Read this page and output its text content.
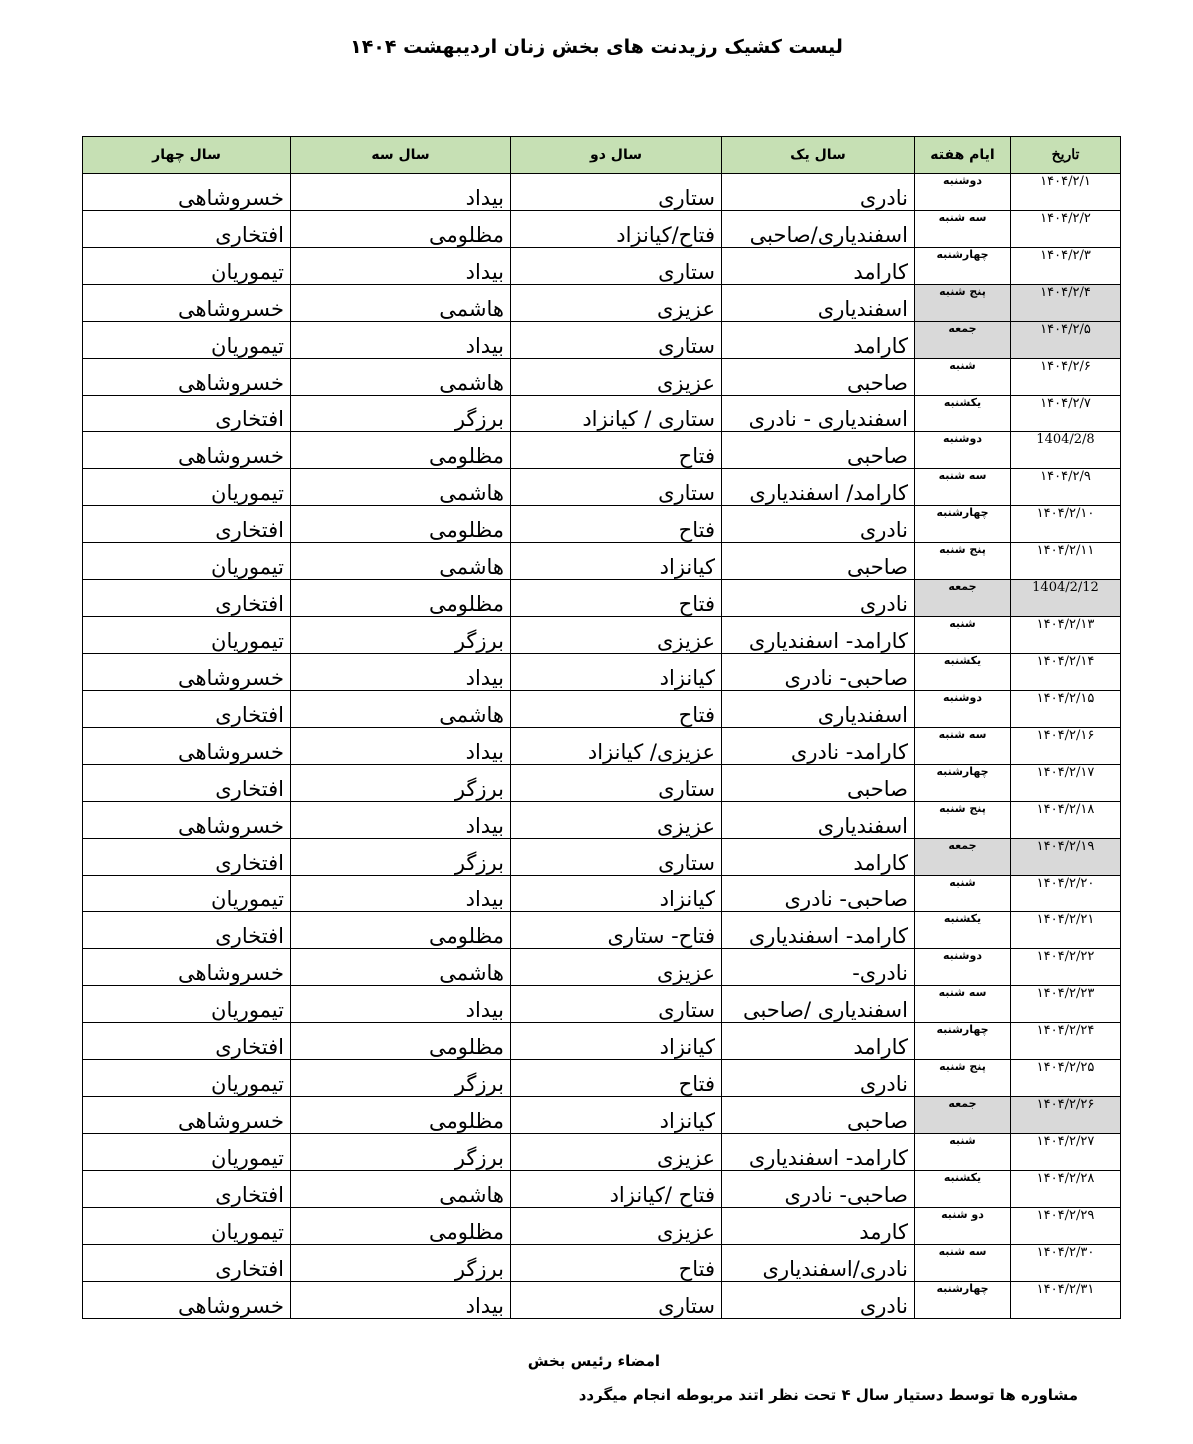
لیست کشیک رزیدنت های بخش زنان اردیبهشت ۱۴۰۴
تاریخ	ایام هفته	سال یک	سال دو	سال سه	سال چهار
۱۴۰۴/۲/۱	دوشنبه	نادری	ستاری	بیداد	خسروشاهی
۱۴۰۴/۲/۲	سه شنبه	اسفندیاری/صاحبی	فتاح/کیانزاد	مظلومی	افتخاری
۱۴۰۴/۲/۳	چهارشنبه	کارامد	ستاری	بیداد	تیموریان
۱۴۰۴/۲/۴	پنج شنبه	اسفندیاری	عزیزی	هاشمی	خسروشاهی
۱۴۰۴/۲/۵	جمعه	کارامد	ستاری	بیداد	تیموریان
۱۴۰۴/۲/۶	شنبه	صاحبی	عزیزی	هاشمی	خسروشاهی
۱۴۰۴/۲/۷	یکشنبه	اسفندیاری - نادری	ستاری / کیانزاد	برزگر	افتخاری
1404/2/8	دوشنبه	صاحبی	فتاح	مظلومی	خسروشاهی
۱۴۰۴/۲/۹	سه شنبه	کارامد/ اسفندیاری	ستاری	هاشمی	تیموریان
۱۴۰۴/۲/۱۰	چهارشنبه	نادری	فتاح	مظلومی	افتخاری
۱۴۰۴/۲/۱۱	پنج شنبه	صاحبی	کیانزاد	هاشمی	تیموریان
1404/2/12	جمعه	نادری	فتاح	مظلومی	افتخاری
۱۴۰۴/۲/۱۳	شنبه	کارامد- اسفندیاری	عزیزی	برزگر	تیموریان
۱۴۰۴/۲/۱۴	یکشنبه	صاحبی- نادری	کیانزاد	بیداد	خسروشاهی
۱۴۰۴/۲/۱۵	دوشنبه	اسفندیاری	فتاح	هاشمی	افتخاری
۱۴۰۴/۲/۱۶	سه شنبه	کارامد- نادری	عزیزی/ کیانزاد	بیداد	خسروشاهی
۱۴۰۴/۲/۱۷	چهارشنبه	صاحبی	ستاری	برزگر	افتخاری
۱۴۰۴/۲/۱۸	پنج شنبه	اسفندیاری	عزیزی	بیداد	خسروشاهی
۱۴۰۴/۲/۱۹	جمعه	کارامد	ستاری	برزگر	افتخاری
۱۴۰۴/۲/۲۰	شنبه	صاحبی- نادری	کیانزاد	بیداد	تیموریان
۱۴۰۴/۲/۲۱	یکشنبه	کارامد- اسفندیاری	فتاح- ستاری	مظلومی	افتخاری
۱۴۰۴/۲/۲۲	دوشنبه	نادری-	عزیزی	هاشمی	خسروشاهی
۱۴۰۴/۲/۲۳	سه شنبه	اسفندیاری /صاحبی	ستاری	بیداد	تیموریان
۱۴۰۴/۲/۲۴	چهارشنبه	کارامد	کیانزاد	مظلومی	افتخاری
۱۴۰۴/۲/۲۵	پنج شنبه	نادری	فتاح	برزگر	تیموریان
۱۴۰۴/۲/۲۶	جمعه	صاحبی	کیانزاد	مظلومی	خسروشاهی
۱۴۰۴/۲/۲۷	شنبه	کارامد- اسفندیاری	عزیزی	برزگر	تیموریان
۱۴۰۴/۲/۲۸	یکشنبه	صاحبی- نادری	فتاح /کیانزاد	هاشمی	افتخاری
۱۴۰۴/۲/۲۹	دو شنبه	کارمد	عزیزی	مظلومی	تیموریان
۱۴۰۴/۲/۳۰	سه شنبه	نادری/اسفندیاری	فتاح	برزگر	افتخاری
۱۴۰۴/۲/۳۱	چهارشنبه	نادری	ستاری	بیداد	خسروشاهی
امضاء رئیس بخش
مشاوره ها توسط دستیار سال ۴ تحت نظر اتند مربوطه انجام میگردد
